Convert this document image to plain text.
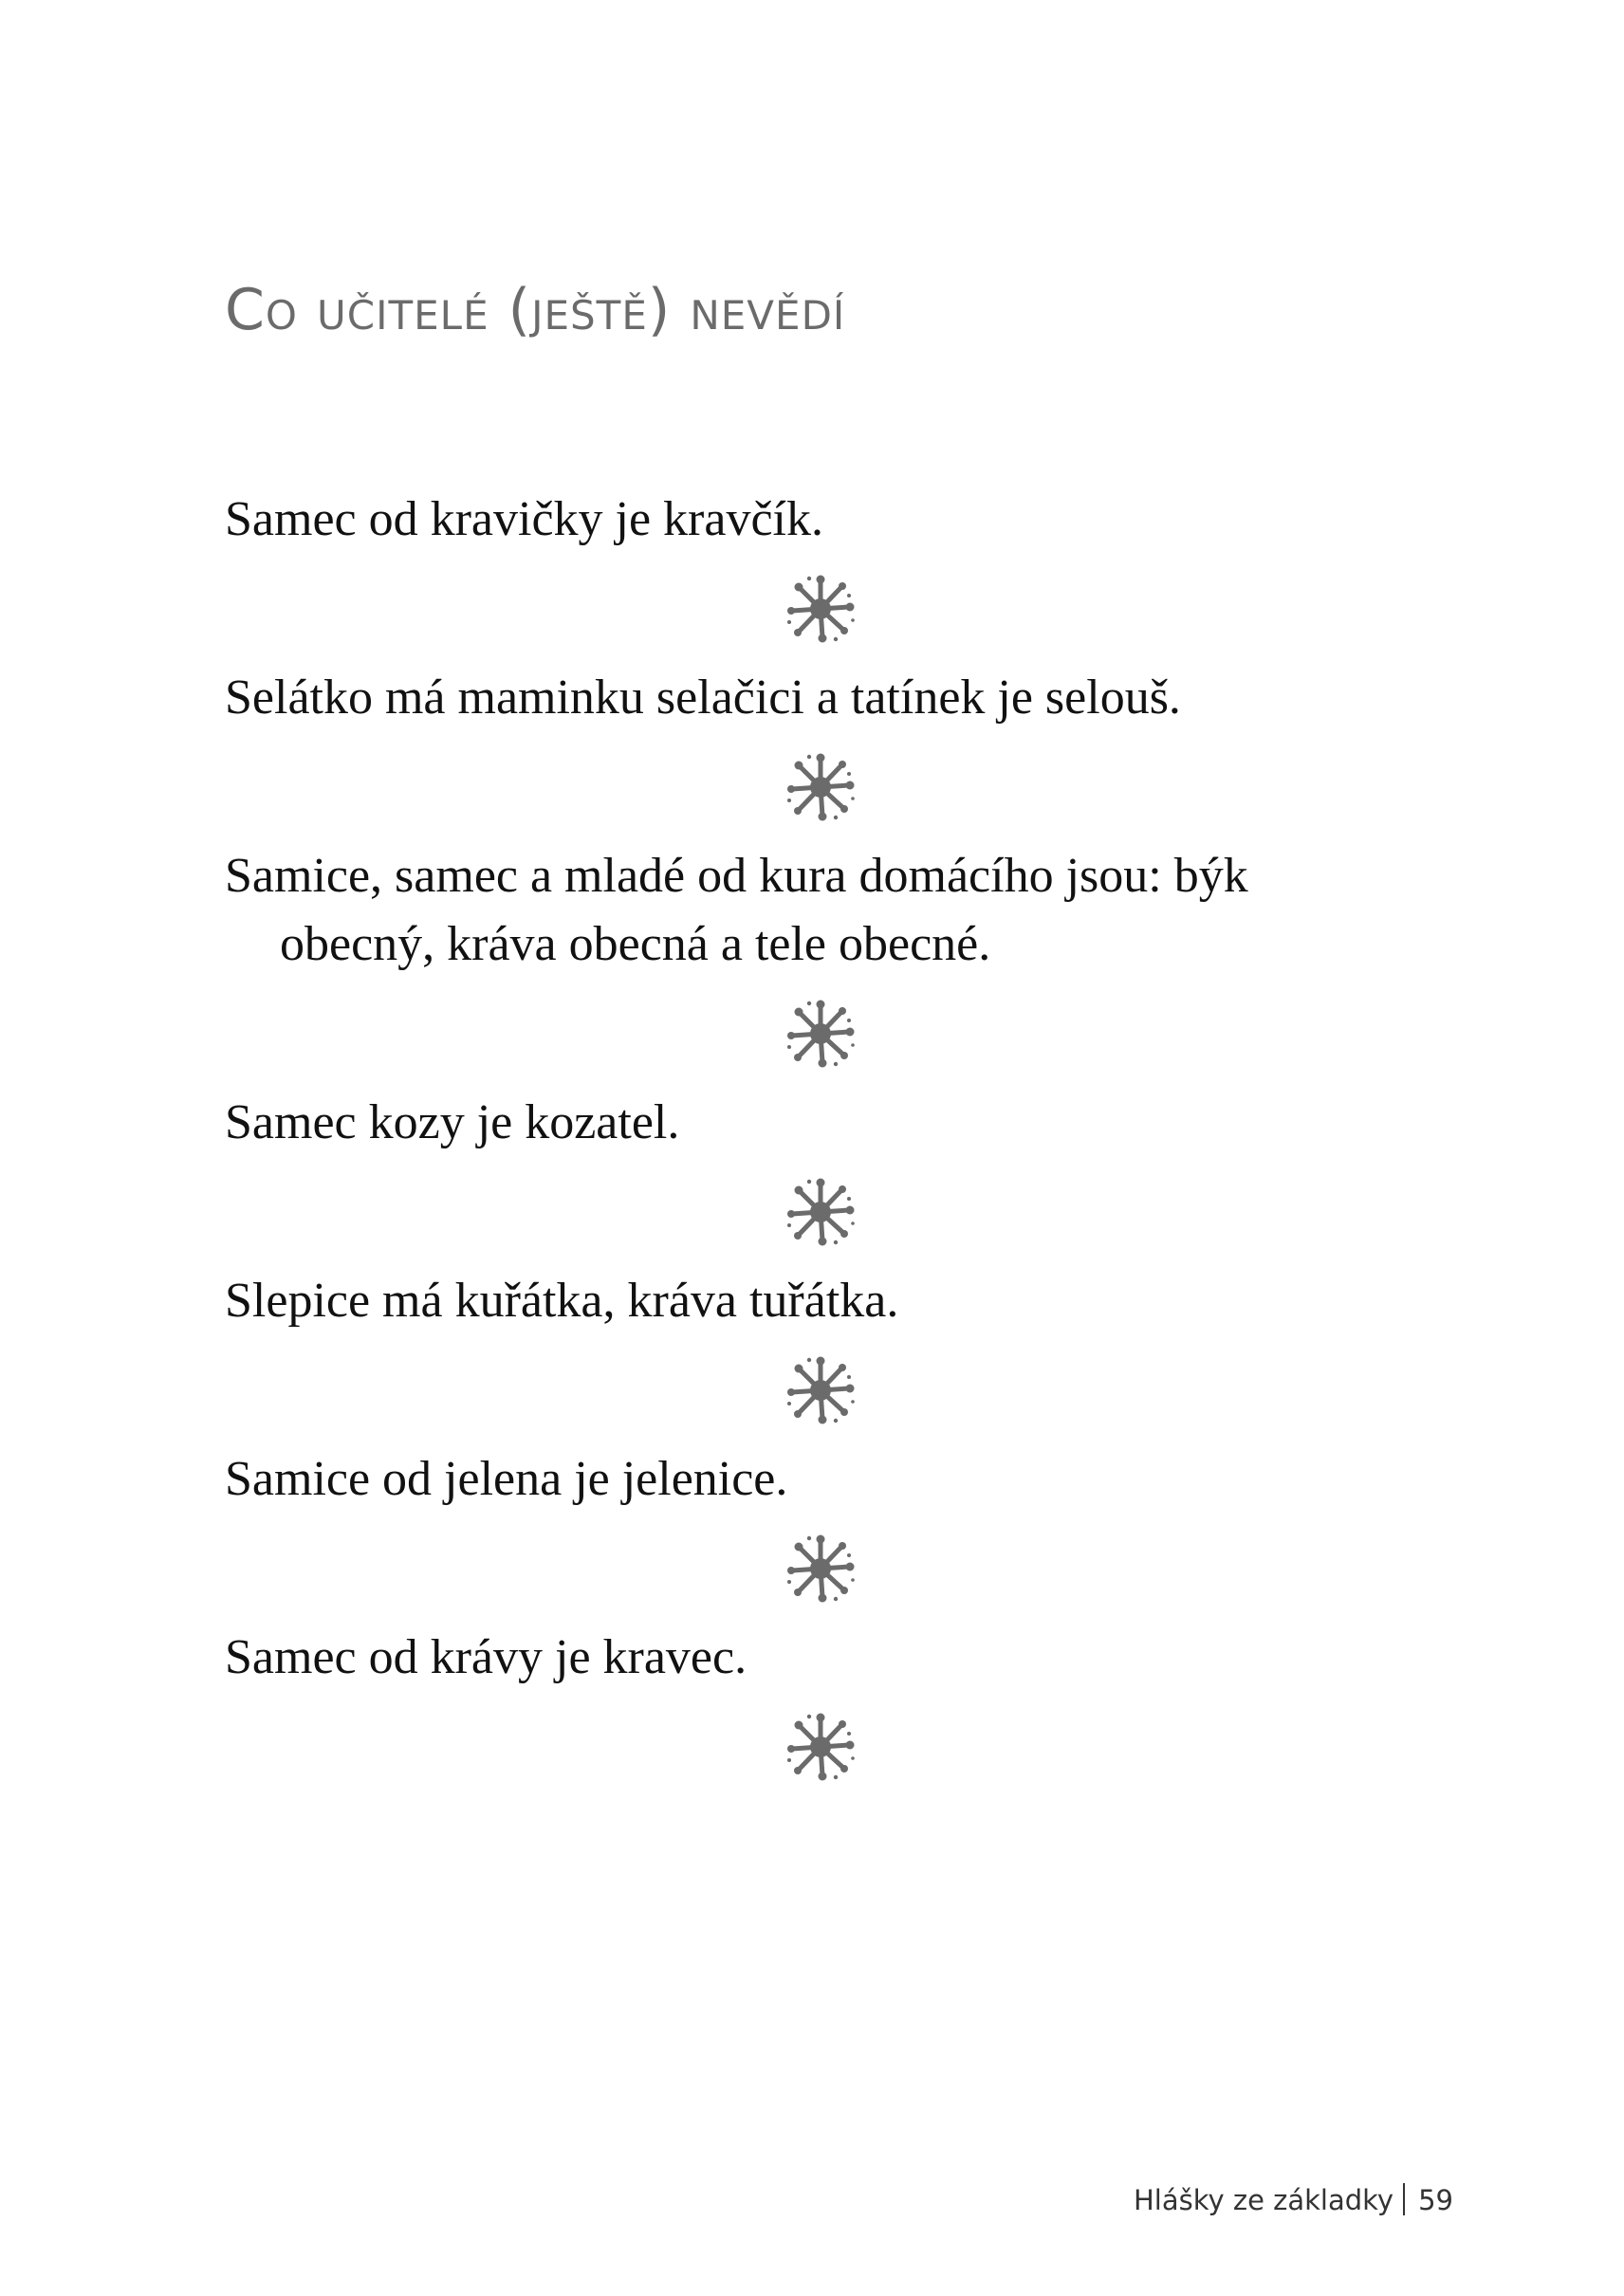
Co učitelé (ještě) nevědí

Samec od kravičky je kravčík.

Selátko má maminku selačici a tatínek je selouš.

Samice, samec a mladé od kura domácího jsou: býk obecný, kráva obecná a tele obecné.

Samec kozy je kozatel.

Slepice má kuřátka, kráva tuřátka.

Samice od jelena je jelenice.

Samec od krávy je kravec.

Hlášky ze základky 59
